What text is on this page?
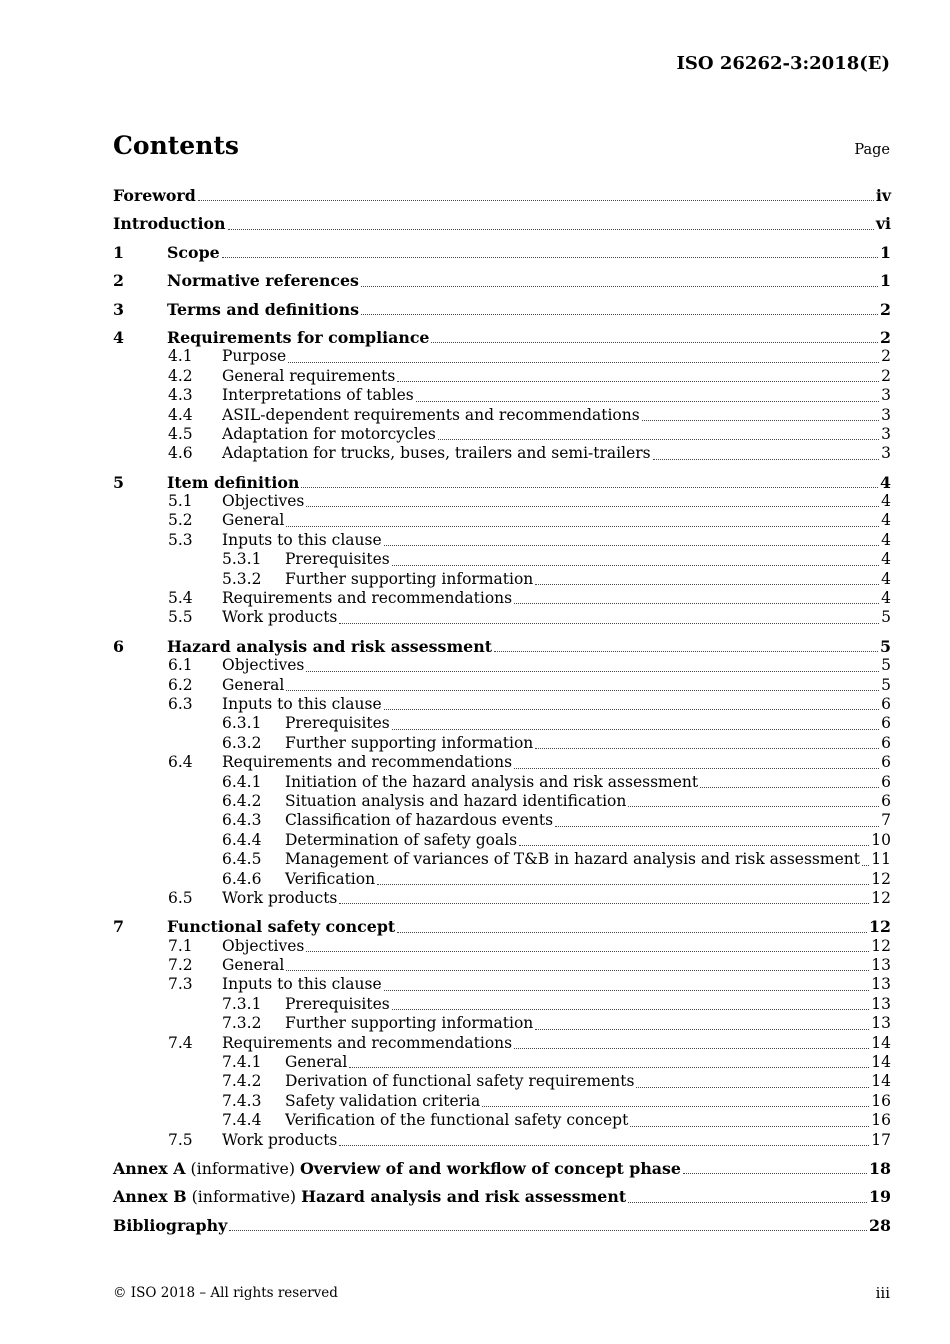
ISO 26262-3:2018(E)
Contents	Page
Foreword	iv
Introduction	vi
1	Scope	1
2	Normative references	1
3	Terms and definitions	2
4	Requirements for compliance	2
4.1	Purpose	2
4.2	General requirements	2
4.3	Interpretations of tables	3
4.4	ASIL-dependent requirements and recommendations	3
4.5	Adaptation for motorcycles	3
4.6	Adaptation for trucks, buses, trailers and semi-trailers	3
5	Item definition	4
5.1	Objectives	4
5.2	General	4
5.3	Inputs to this clause	4
5.3.1	Prerequisites	4
5.3.2	Further supporting information	4
5.4	Requirements and recommendations	4
5.5	Work products	5
6	Hazard analysis and risk assessment	5
6.1	Objectives	5
6.2	General	5
6.3	Inputs to this clause	6
6.3.1	Prerequisites	6
6.3.2	Further supporting information	6
6.4	Requirements and recommendations	6
6.4.1	Initiation of the hazard analysis and risk assessment	6
6.4.2	Situation analysis and hazard identification	6
6.4.3	Classification of hazardous events	7
6.4.4	Determination of safety goals	10
6.4.5	Management of variances of T&B in hazard analysis and risk assessment 11
6.4.6	Verification	12
6.5	Work products	12
7	Functional safety concept	12
7.1	Objectives	12
7.2	General	13
7.3	Inputs to this clause	13
7.3.1	Prerequisites	13
7.3.2	Further supporting information	13
7.4	Requirements and recommendations	14
7.4.1	General	14
7.4.2	Derivation of functional safety requirements	14
7.4.3	Safety validation criteria	16
7.4.4	Verification of the functional safety concept	16
7.5	Work products	17
Annex A (informative) Overview of and workflow of concept phase	18
Annex B (informative) Hazard analysis and risk assessment	19
Bibliography	28
© ISO 2018 – All rights reserved	iii
